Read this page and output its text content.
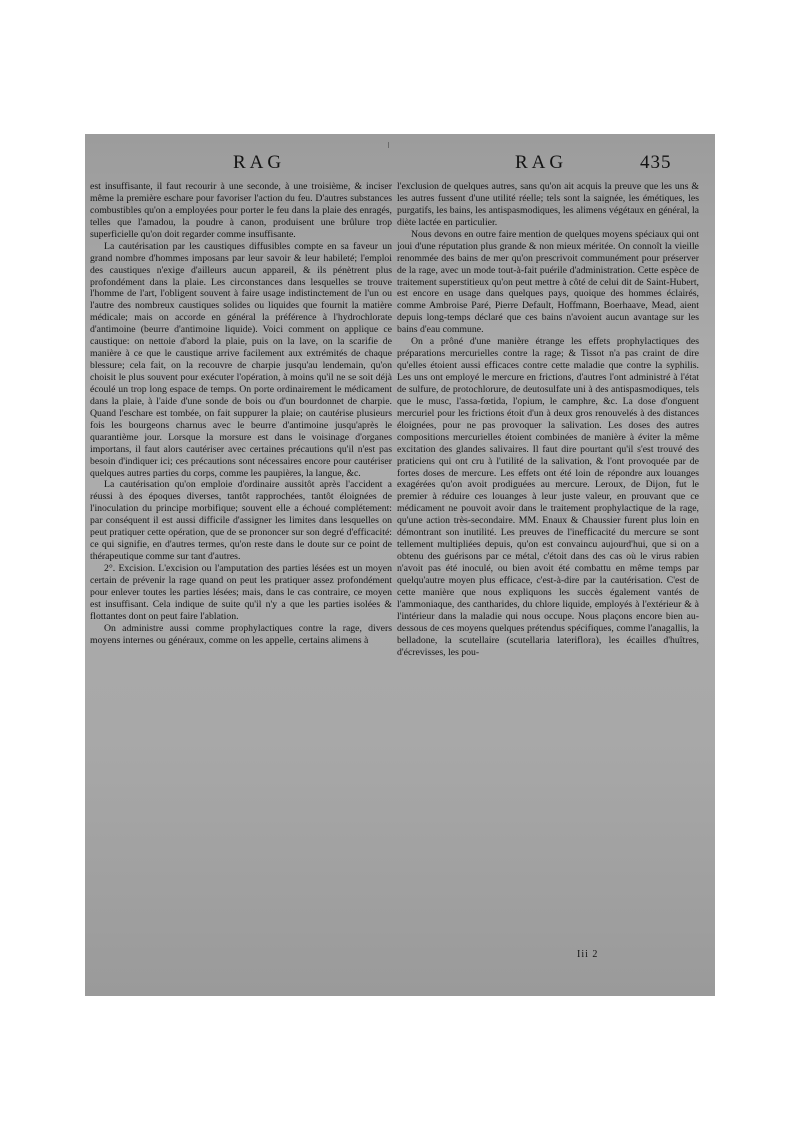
RAG	RAG	435

est insuffisante, il faut recourir à une seconde, à une troisième, & inciser même la première eschare pour favoriser l'action du feu. D'autres substances combustibles qu'on a employées pour porter le feu dans la plaie des enragés, telles que l'amadou, la poudre à canon, produisent une brûlure trop superficielle qu'on doit regarder comme insuffisante.

La cautérisation par les caustiques diffusibles compte en sa faveur un grand nombre d'hommes imposans par leur savoir & leur habileté; l'emploi des caustiques n'exige d'ailleurs aucun appareil, & ils pénètrent plus profondément dans la plaie. Les circonstances dans lesquelles se trouve l'homme de l'art, l'obligent souvent à faire usage indistinctement de l'un ou l'autre des nombreux caustiques solides ou liquides que fournit la matière médicale; mais on accorde en général la préférence à l'hydrochlorate d'antimoine (beurre d'antimoine liquide). Voici comment on applique ce caustique: on nettoie d'abord la plaie, puis on la lave, on la scarifie de manière à ce que le caustique arrive facilement aux extrémités de chaque blessure; cela fait, on la recouvre de charpie jusqu'au lendemain, qu'on choisit le plus souvent pour exécuter l'opération, à moins qu'il ne se soit déjà écoulé un trop long espace de temps. On porte ordinairement le médicament dans la plaie, à l'aide d'une sonde de bois ou d'un bourdonnet de charpie. Quand l'eschare est tombée, on fait suppurer la plaie; on cautérise plusieurs fois les bourgeons charnus avec le beurre d'antimoine jusqu'après le quarantième jour. Lorsque la morsure est dans le voisinage d'organes importans, il faut alors cautériser avec certaines précautions qu'il n'est pas besoin d'indiquer ici; ces précautions sont nécessaires encore pour cautériser quelques autres parties du corps, comme les paupières, la langue, &c.

La cautérisation qu'on emploie d'ordinaire aussitôt après l'accident a réussi à des époques diverses, tantôt rapprochées, tantôt éloignées de l'inoculation du principe morbifique; souvent elle a échoué complétement: par conséquent il est aussi difficile d'assigner les limites dans lesquelles on peut pratiquer cette opération, que de se prononcer sur son degré d'efficacité: ce qui signifie, en d'autres termes, qu'on reste dans le doute sur ce point de thérapeutique comme sur tant d'autres.

2°. Excision. L'excision ou l'amputation des parties lésées est un moyen certain de prévenir la rage quand on peut les pratiquer assez profondément pour enlever toutes les parties lésées; mais, dans le cas contraire, ce moyen est insuffisant. Cela indique de suite qu'il n'y a que les parties isolées & flottantes dont on peut faire l'ablation.

On administre aussi comme prophylactiques contre la rage, divers moyens internes ou généraux, comme on les appelle, certains alimens à

l'exclusion de quelques autres, sans qu'on ait acquis la preuve que les uns & les autres fussent d'une utilité réelle; tels sont la saignée, les émétiques, les purgatifs, les bains, les antispasmodiques, les alimens végétaux en général, la diète lactée en particulier.

Nous devons en outre faire mention de quelques moyens spéciaux qui ont joui d'une réputation plus grande & non mieux méritée. On connoît la vieille renommée des bains de mer qu'on prescrivoit communément pour préserver de la rage, avec un mode tout-à-fait puérile d'administration. Cette espèce de traitement superstitieux qu'on peut mettre à côté de celui dit de Saint-Hubert, est encore en usage dans quelques pays, quoique des hommes éclairés, comme Ambroise Paré, Pierre Default, Hoffmann, Boerhaave, Mead, aient depuis long-temps déclaré que ces bains n'avoient aucun avantage sur les bains d'eau commune.

On a prôné d'une manière étrange les effets prophylactiques des préparations mercurielles contre la rage; & Tissot n'a pas craint de dire qu'elles étoient aussi efficaces contre cette maladie que contre la syphilis. Les uns ont employé le mercure en frictions, d'autres l'ont administré à l'état de sulfure, de protochlorure, de deutosulfate uni à des antispasmodiques, tels que le musc, l'assa-fœtida, l'opium, le camphre, &c. La dose d'onguent mercuriel pour les frictions étoit d'un à deux gros renouvelés à des distances éloignées, pour ne pas provoquer la salivation. Les doses des autres compositions mercurielles étoient combinées de manière à éviter la même excitation des glandes salivaires. Il faut dire pourtant qu'il s'est trouvé des praticiens qui ont cru à l'utilité de la salivation, & l'ont provoquée par de fortes doses de mercure. Les effets ont été loin de répondre aux louanges exagérées qu'on avoit prodiguées au mercure. Leroux, de Dijon, fut le premier à réduire ces louanges à leur juste valeur, en prouvant que ce médicament ne pouvoit avoir dans le traitement prophylactique de la rage, qu'une action très-secondaire. MM. Enaux & Chaussier furent plus loin en démontrant son inutilité. Les preuves de l'inefficacité du mercure se sont tellement multipliées depuis, qu'on est convaincu aujourd'hui, que si on a obtenu des guérisons par ce métal, c'étoit dans des cas où le virus rabien n'avoit pas été inoculé, ou bien avoit été combattu en même temps par quelqu'autre moyen plus efficace, c'est-à-dire par la cautérisation. C'est de cette manière que nous expliquons les succès également vantés de l'ammoniaque, des cantharides, du chlore liquide, employés à l'extérieur & à l'intérieur dans la maladie qui nous occupe. Nous plaçons encore bien au-dessous de ces moyens quelques prétendus spécifiques, comme l'anagallis, la belladone, la scutellaire (scutellaria lateriflora), les écailles d'huîtres, d'écrevisses, les pou-

Iii 2
